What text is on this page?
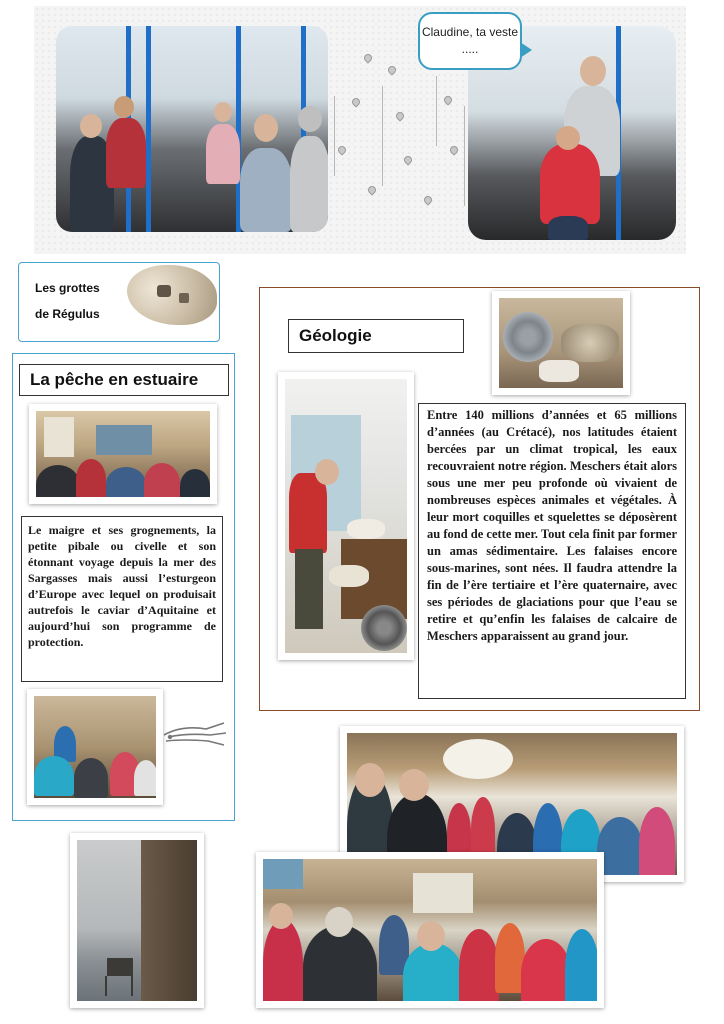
Claudine, ta veste .....
Les grottes
de Régulus
La pêche en estuaire
Le maigre et ses grognements, la petite pibale ou civelle et son étonnant voyage depuis la mer des Sargasses mais aussi l’esturgeon d’Europe avec lequel on produisait autrefois le caviar d’Aquitaine et aujourd’hui son programme de protection.
Géologie
Entre 140 millions d’années et 65 millions d’années (au Crétacé), nos latitudes étaient bercées par un climat tropical, les eaux recouvraient notre région. Meschers était alors sous une mer peu profonde où vivaient de nombreuses espèces animales et végétales. À leur mort coquilles et squelettes se déposèrent au fond de cette mer. Tout cela finit par former un amas sédimentaire. Les falaises encore sous-marines, sont nées. Il faudra attendre la fin de l’ère tertiaire et l’ère quaternaire, avec ses périodes de glaciations pour que l’eau se retire et qu’enfin les falaises de calcaire de Meschers apparaissent au grand jour.
